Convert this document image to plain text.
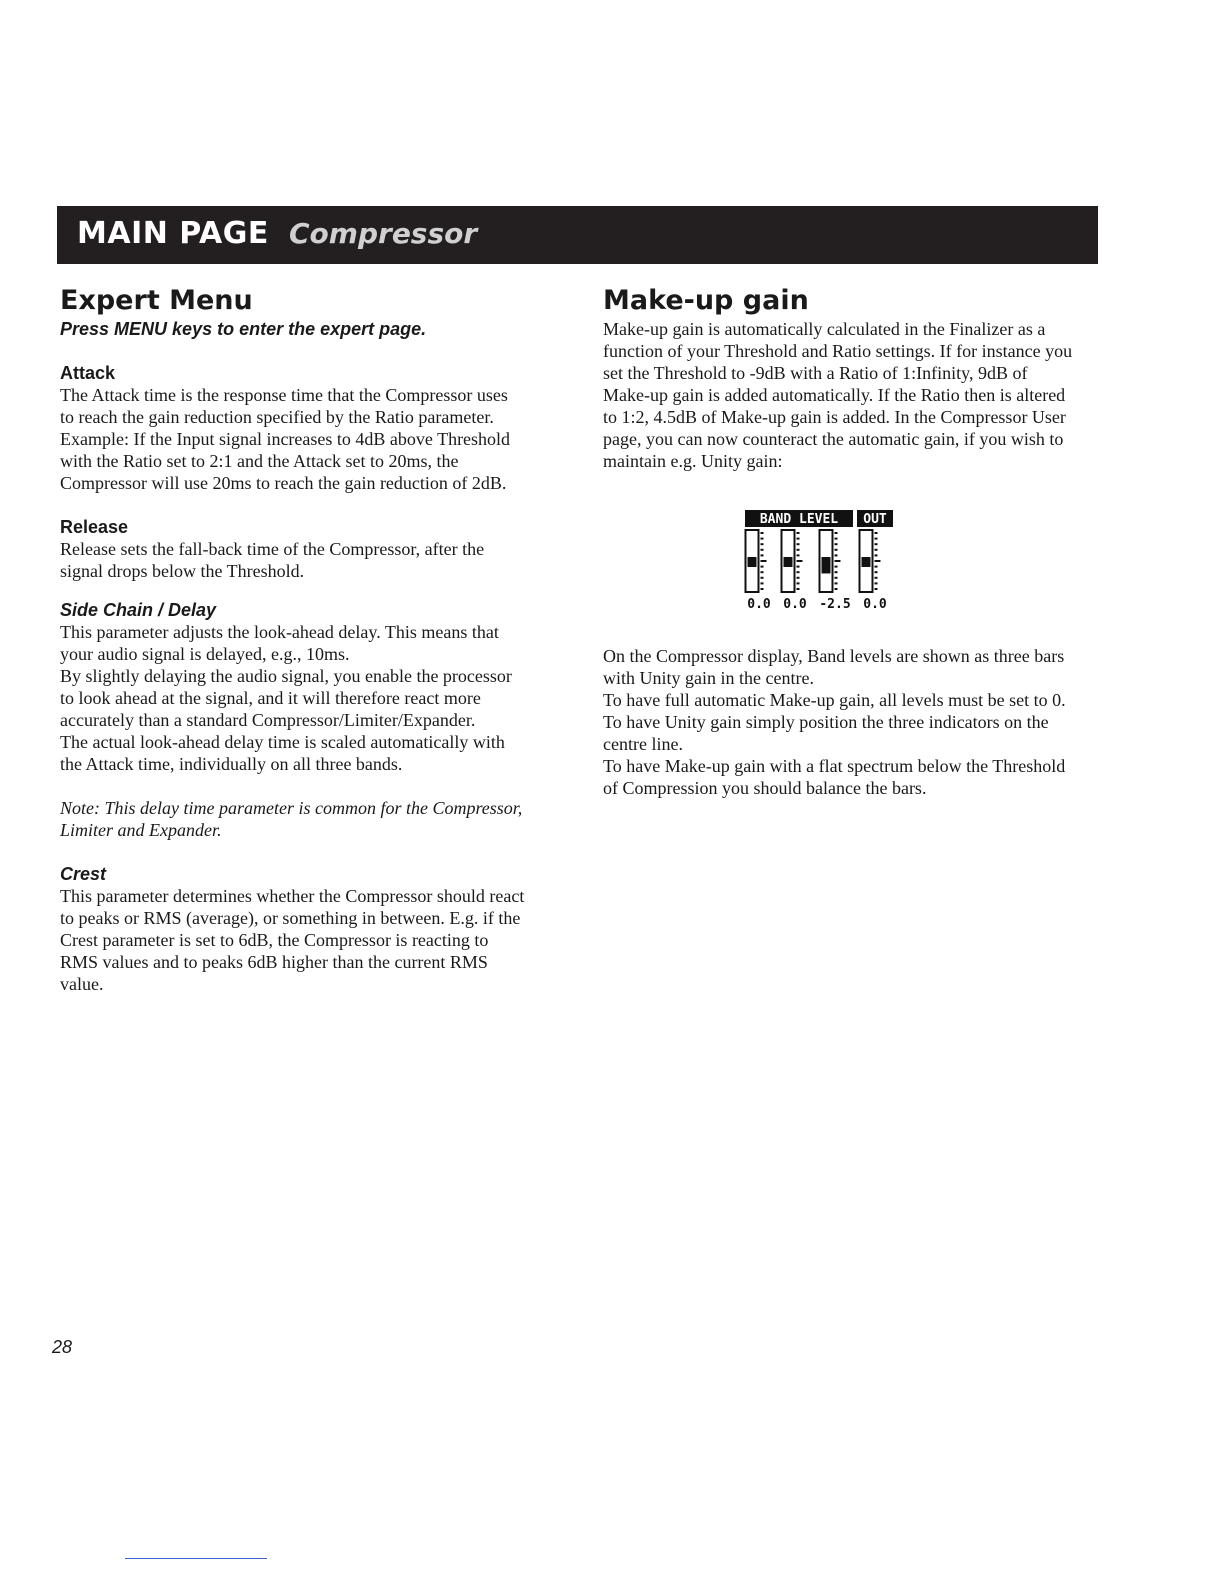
MAIN PAGE Compressor
Expert Menu

Press MENU keys to enter the expert page.

Attack

The Attack time is the response time that the Compressor uses

to reach the gain reduction specified by the Ratio parameter.

Example: If the Input signal increases to 4dB above Threshold

with the Ratio set to 2:1 and the Attack set to 20ms, the

Compressor will use 20ms to reach the gain reduction of 2dB.

Release

Release sets the fall-back time of the Compressor, after the

signal drops below the Threshold.

Side Chain / Delay

This parameter adjusts the look-ahead delay. This means that

your audio signal is delayed, e.g., 10ms.

By slightly delaying the audio signal, you enable the processor

to look ahead at the signal, and it will therefore react more

accurately than a standard Compressor/Limiter/Expander.

The actual look-ahead delay time is scaled automatically with

the Attack time, individually on all three bands.

Note: This delay time parameter is common for the Compressor,

Limiter and Expander.

Crest

This parameter determines whether the Compressor should react

to peaks or RMS (average), or something in between. E.g. if the

Crest parameter is set to 6dB, the Compressor is reacting to

RMS values and to peaks 6dB higher than the current RMS

value.

Make-up gain

Make-up gain is automatically calculated in the Finalizer as a

function of your Threshold and Ratio settings. If for instance you

set the Threshold to -9dB with a Ratio of 1:Infinity, 9dB of

Make-up gain is added automatically. If the Ratio then is altered

to 1:2, 4.5dB of Make-up gain is added. In the Compressor User

page, you can now counteract the automatic gain, if you wish to

maintain e.g. Unity gain:

BAND LEVEL OUT
0.0 0.0 -2.5 0.0

On the Compressor display, Band levels are shown as three bars

with Unity gain in the centre.

To have full automatic Make-up gain, all levels must be set to 0.

To have Unity gain simply position the three indicators on the

centre line.

To have Make-up gain with a flat spectrum below the Threshold

of Compression you should balance the bars.

28
